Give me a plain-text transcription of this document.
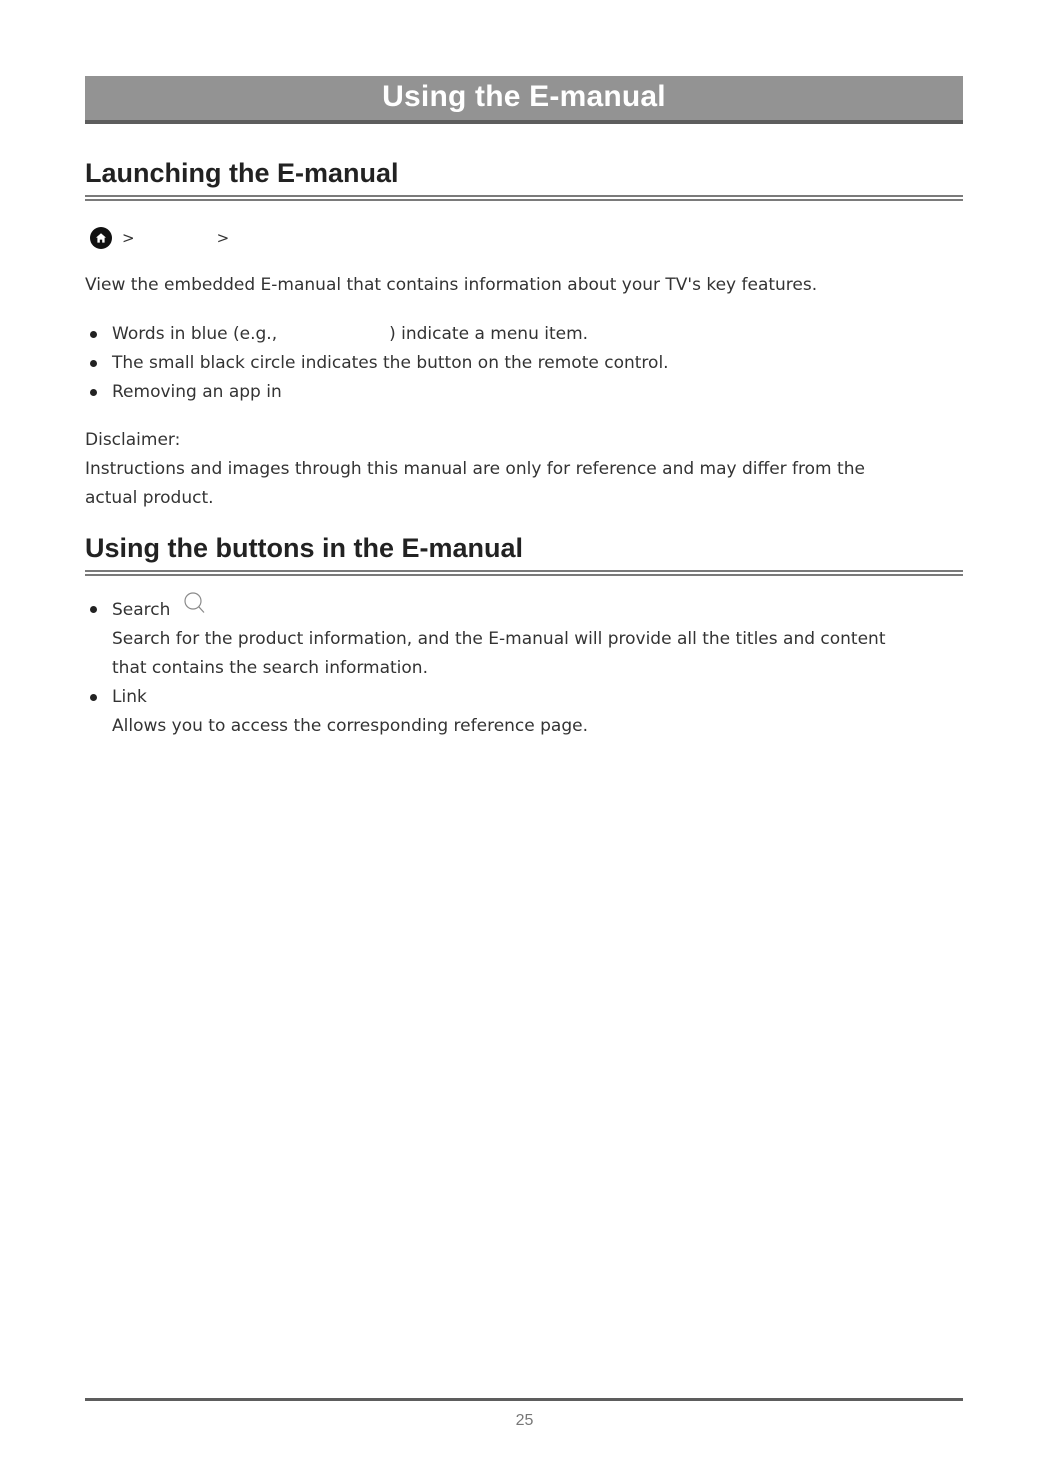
Using the E-manual
Launching the E-manual
>	>

View the embedded E-manual that contains information about your TV's key features.

Words in blue (e.g.,	) indicate a menu item.
The small black circle indicates the button on the remote control.
Removing an app in

Disclaimer:

Instructions and images through this manual are only for reference and may differ from the actual product.

Using the buttons in the E-manual
Search

Search for the product information, and the E-manual will provide all the titles and content that contains the search information.

Link

Allows you to access the corresponding reference page.

25
